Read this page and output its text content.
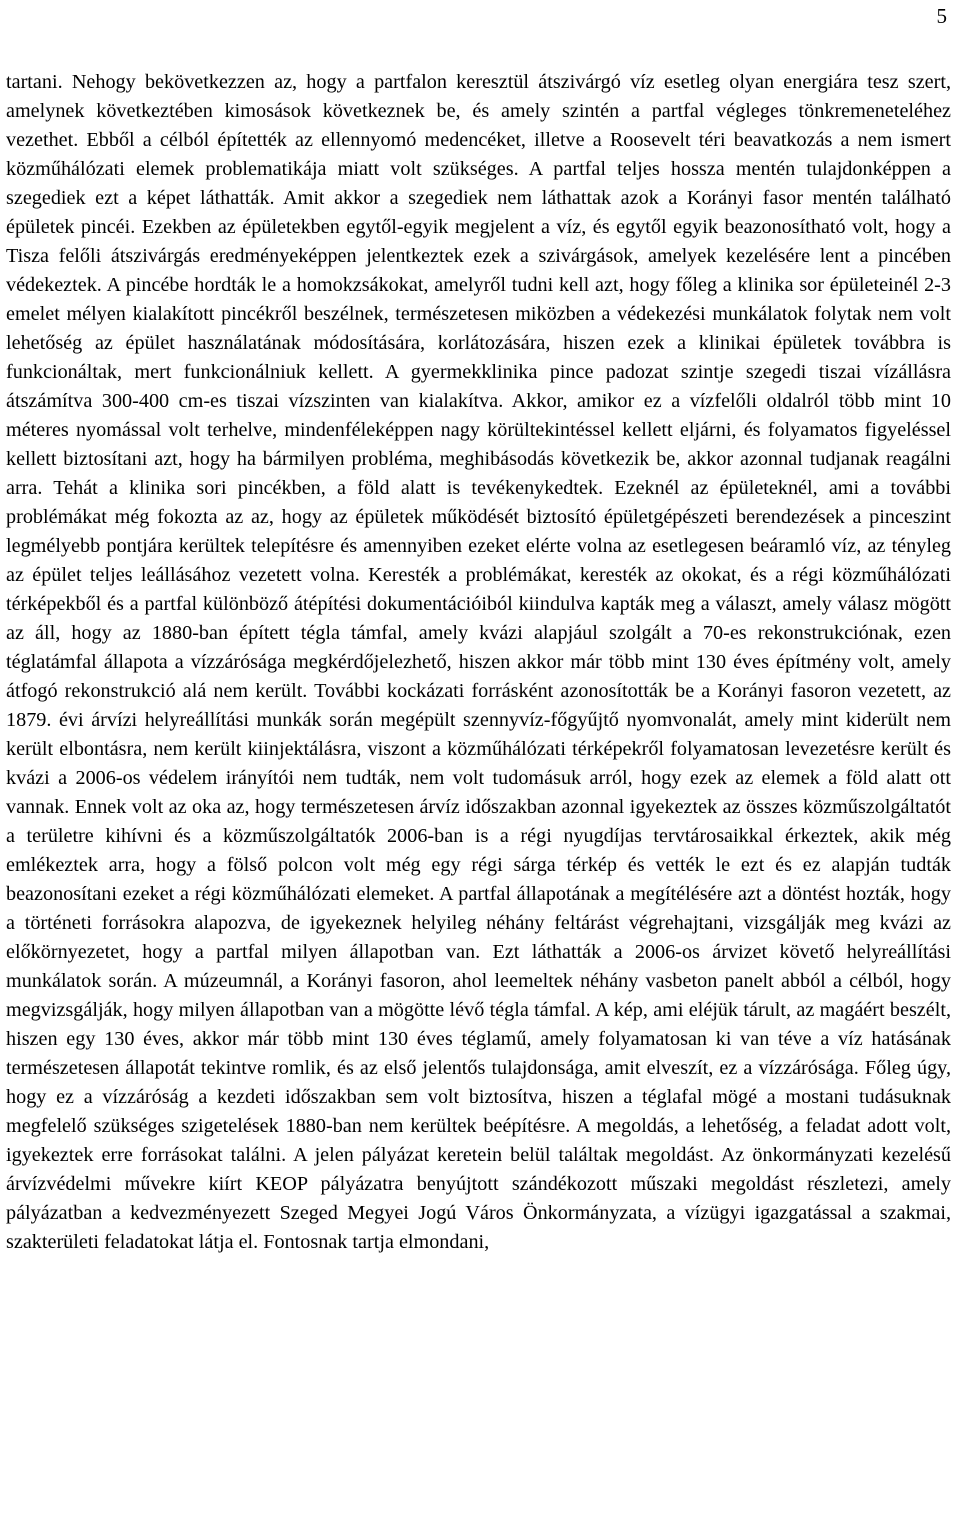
5

tartani. Nehogy bekövetkezzen az, hogy a partfalon keresztül átszivárgó víz esetleg olyan energiára tesz szert, amelynek következtében kimosások következnek be, és amely szintén a partfal végleges tönkremeneteléhez vezethet. Ebből a célból építették az ellennyomó medencéket, illetve a Roosevelt téri beavatkozás a nem ismert közműhálózati elemek problematikája miatt volt szükséges. A partfal teljes hossza mentén tulajdonképpen a szegediek ezt a képet láthatták. Amit akkor a szegediek nem láthattak azok a Korányi fasor mentén található épületek pincéi. Ezekben az épületekben egytől-egyik megjelent a víz, és egytől egyik beazonosítható volt, hogy a Tisza felőli átszivárgás eredményeképpen jelentkeztek ezek a szivárgások, amelyek kezelésére lent a pincében védekeztek. A pincébe hordták le a homokzsákokat, amelyről tudni kell azt, hogy főleg a klinika sor épületeinél 2-3 emelet mélyen kialakított pincékről beszélnek, természetesen miközben a védekezési munkálatok folytak nem volt lehetőség az épület használatának módosítására, korlátozására, hiszen ezek a klinikai épületek továbbra is funkcionáltak, mert funkcionálniuk kellett. A gyermekklinika pince padozat szintje szegedi tiszai vízállásra átszámítva 300-400 cm-es tiszai vízszinten van kialakítva. Akkor, amikor ez a vízfelőli oldalról több mint 10 méteres nyomással volt terhelve, mindenféleképpen nagy körültekintéssel kellett eljárni, és folyamatos figyeléssel kellett biztosítani azt, hogy ha bármilyen probléma, meghibásodás következik be, akkor azonnal tudjanak reagálni arra. Tehát a klinika sori pincékben, a föld alatt is tevékenykedtek. Ezeknél az épületeknél, ami a további problémákat még fokozta az az, hogy az épületek működését biztosító épületgépészeti berendezések a pinceszint legmélyebb pontjára kerültek telepítésre és amennyiben ezeket elérte volna az esetlegesen beáramló víz, az tényleg az épület teljes leállásához vezetett volna. Keresték a problémákat, keresték az okokat, és a régi közműhálózati térképekből és a partfal különböző átépítési dokumentációiból kiindulva kapták meg a választ, amely válasz mögött az áll, hogy az 1880-ban épített tégla támfal, amely kvázi alapjául szolgált a 70-es rekonstrukciónak, ezen téglatámfal állapota a vízzárósága megkérdőjelezhető, hiszen akkor már több mint 130 éves építmény volt, amely átfogó rekonstrukció alá nem került. További kockázati forrásként azonosították be a Korányi fasoron vezetett, az 1879. évi árvízi helyreállítási munkák során megépült szennyvíz-főgyűjtő nyomvonalát, amely mint kiderült nem került elbontásra, nem került kiinjektálásra, viszont a közműhálózati térképekről folyamatosan levezetésre került és kvázi a 2006-os védelem irányítói nem tudták, nem volt tudomásuk arról, hogy ezek az elemek a föld alatt ott vannak. Ennek volt az oka az, hogy természetesen árvíz időszakban azonnal igyekeztek az összes közműszolgáltatót a területre kihívni és a közműszolgáltatók 2006-ban is a régi nyugdíjas tervtárosaikkal érkeztek, akik még emlékeztek arra, hogy a fölső polcon volt még egy régi sárga térkép és vették le ezt és ez alapján tudták beazonosítani ezeket a régi közműhálózati elemeket. A partfal állapotának a megítélésére azt a döntést hozták, hogy a történeti forrásokra alapozva, de igyekeznek helyileg néhány feltárást végrehajtani, vizsgálják meg kvázi az előkörnyezetet, hogy a partfal milyen állapotban van. Ezt láthatták a 2006-os árvizet követő helyreállítási munkálatok során. A múzeumnál, a Korányi fasoron, ahol leemeltek néhány vasbeton panelt abból a célból, hogy megvizsgálják, hogy milyen állapotban van a mögötte lévő tégla támfal. A kép, ami eléjük tárult, az magáért beszélt, hiszen egy 130 éves, akkor már több mint 130 éves téglamű, amely folyamatosan ki van téve a víz hatásának természetesen állapotát tekintve romlik, és az első jelentős tulajdonsága, amit elveszít, ez a vízzárósága. Főleg úgy, hogy ez a vízzáróság a kezdeti időszakban sem volt biztosítva, hiszen a téglafal mögé a mostani tudásuknak megfelelő szükséges szigetelések 1880-ban nem kerültek beépítésre. A megoldás, a lehetőség, a feladat adott volt, igyekeztek erre forrásokat találni. A jelen pályázat keretein belül találtak megoldást. Az önkormányzati kezelésű árvízvédelmi művekre kiírt KEOP pályázatra benyújtott szándékozott műszaki megoldást részletezi, amely pályázatban a kedvezményezett Szeged Megyei Jogú Város Önkormányzata, a vízügyi igazgatással a szakmai, szakterületi feladatokat látja el. Fontosnak tartja elmondani,
